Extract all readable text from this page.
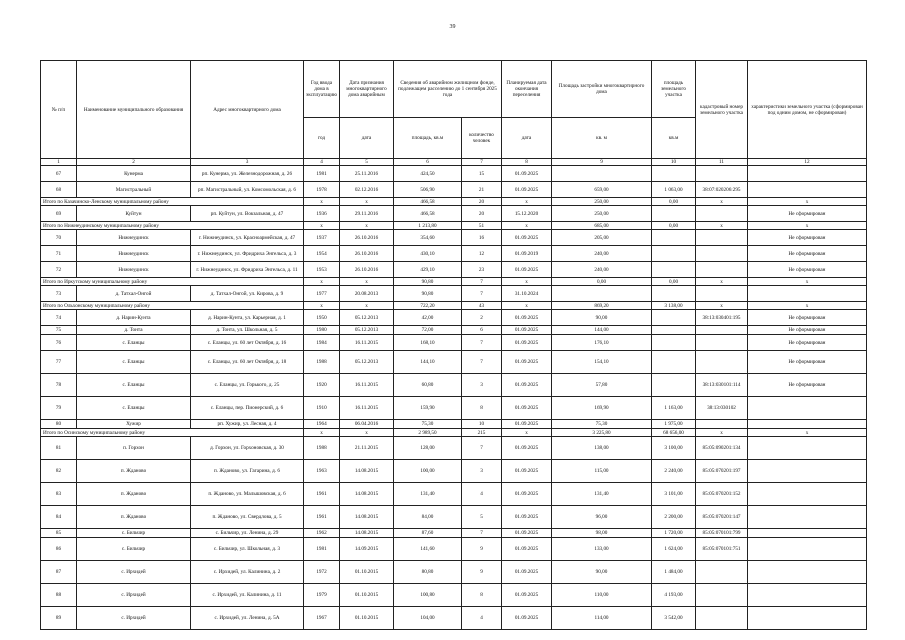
39
№ п/п	Наименование муниципального образования	Адрес многоквартирного дома	Год ввода дома в эксплуатацию	Дата признания многоквартирного дома аварийным	Сведения об аварийном жилищном фонде, подлежащем расселению до 1 сентября 2025 года		Планируемая дата окончания переселения	Площадь застройки многоквартирного дома	площадь земельного участка	кадастровый номер земельного участка	характеристики земельного участка (сформирован под одним домом, не сформирован)
			год	дата	площадь, кв.м	количество человек	дата	кв. м	кв.м		
1	2	3	4	5	6	7	8	9	10	11	12
67	Кунерма	рп. Кунерма, ул. Железнодорожная, д. 26	1981	25.11.2016	424,50	15	01.09.2025				
68	Магистральный	рп. Магистральный, ул. Комсомольская, д. 6	1978	02.12.2016	506,90	21	01.09.2025	659,00	1 063,00	38:07:020206:295	
Итого по Казачинско-Ленскому муниципальному району			x	x	466,58	20	x	250,00	0,00	x	x
69	Куйтун	рп. Куйтун, ул. Вокзальная, д. 47	1936	29.11.2016	466,58	20	15.12.2020	250,00			Не сформирован
Итого по Нижнеудинскому муниципальному району			x	x	1 213,80	51	x	685,00	0,00	x	x
70	Нижнеудинск	г. Нижнеудинск, ул. Красноармейская, д. 47	1937	26.10.2016	354,60	16	01.09.2025	205,00			Не сформирован
71	Нижнеудинск	г. Нижнеудинск, ул. Фридриха Энгельса, д. 3	1954	26.10.2016	430,10	12	01.09.2019	240,00			Не сформирован
72	Нижнеудинск	г. Нижнеудинск, ул. Фридриха Энгельса, д. 11	1953	26.10.2016	429,10	23	01.09.2025	240,00			Не сформирован
Итого по Иркутскому муниципальному району			x	x	90,80	7	x	0,00	0,00	x	x
73	д. Татхал-Онгой	д. Татхал-Онгой, ул. Кирова, д. 9	1977	20.08.2013	90,80	7	31.10.2024				
Итого по Ольхонскому муниципальному району			x	x	722,20	43	x	869,20	3 138,00	x	x
74	д. Нарин-Кунта	д. Нарин-Кунта, ул. Карьерная, д. 1	1950	05.12.2013	42,00	2	01.09.2025	90,00		38:13:030401:195	Не сформирован
75	д. Тонта	д. Тонта, ул. Школьная, д. 5	1980	05.12.2013	72,00	6	01.09.2025	144,00			Не сформирован
76	с. Еланцы	с. Еланцы, ул. 60 лет Октября, д. 16	1984	16.11.2015	168,10	7	01.09.2025	176,10			Не сформирован
77	с. Еланцы	с. Еланцы, ул. 60 лет Октября, д. 18	1988	05.12.2013	144,10	7	01.09.2025	154,10			Не сформирован
78	с. Еланцы	с. Еланцы, ул. Горького, д. 25	1920	16.11.2015	60,80	3	01.09.2025	57,80		38:13:030101:114	Не сформирован
79	с. Еланцы	с. Еланцы, пер. Пионерский, д. 6	1910	16.11.2015	159,90	8	01.09.2025	169,90	1 163,00	38:13:030102	
80	Хужир	рп. Хужир, ул. Лесная, д. 4	1964	06.04.2016	75,30	10	01.09.2025	75,30	1 975,00		
Итого по Осинскому муниципальному району			x	x	2 989,50	215	x	3 225,80	68 656,00	x	x
81	п. Горхон	д. Горхон, ул. Горхоновская, д. 30	1988	21.11.2015	128,00	7	01.09.2025	138,00	3 100,00	85:05:090201:134	
82	п. Жданово	п. Жданово, ул. Гагарина, д. 6	1963	14.08.2015	100,00	3	01.09.2025	115,00	2 240,00	85:05:070201:197	
83	п. Жданово	п. Жданово, ул. Малышовская, д. 6	1961	14.08.2015	131,40	4	01.09.2025	131,40	3 101,00	85:05:070201:152	
84	п. Жданово	п. Жданово, ул. Свердлова, д. 5	1961	14.08.2015	84,00	5	01.09.2025	96,00	2 200,00	85:05:070201:147	
85	с. Бильчир	с. Бильчир, ул. Ленина, д. 29	1962	14.08.2015	87,60	7	01.09.2025	98,00	1 720,00	85:05:070101:799	
86	с. Бильчир	с. Бильчир, ул. Школьная, д. 3	1981	14.09.2015	141,60	9	01.09.2025	133,00	1 624,00	85:05:070101:751	
87	с. Ирхидей	с. Ирхидей, ул. Калинина, д. 2	1972	01.10.2015	80,80	9	01.09.2025	90,00	1 484,00		
88	с. Ирхидей	с. Ирхидей, ул. Калинина, д. 11	1979	01.10.2015	100,80	8	01.09.2025	110,00	4 193,00		
89	с. Ирхидей	с. Ирхидей, ул. Ленина, д. 5А	1967	01.10.2015	104,00	4	01.09.2025	114,00	3 542,00		
